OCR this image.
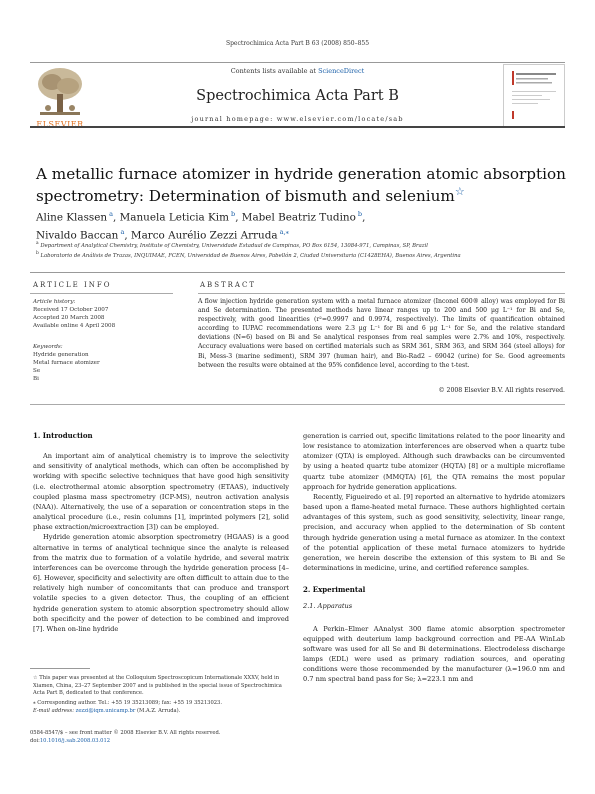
Spectrochimica Acta Part B 63 (2008) 850–855
ELSEVIER
Contents lists available at ScienceDirect
Spectrochimica Acta Part B
journal homepage: www.elsevier.com/locate/sab
A metallic furnace atomizer in hydride generation atomic absorption spectrometry: Determination of bismuth and selenium☆
Aline Klassen $^a$, Manuela Leticia Kim $^b$, Mabel Beatriz Tudino $^b$,
Nivaldo Baccan $^a$, Marco Aurélio Zezzi Arruda $^{a,⁎}$
$^a$ Department of Analytical Chemistry, Institute of Chemistry, Universidade Estadual de Campinas, PO Box 6154, 13084-971, Campinas, SP, Brazil
$^b$ Laboratorio de Análisis de Trazas, INQUIMAE, FCEN, Universidad de Buenos Aires, Pabellón 2, Ciudad Universitaria (C1428EHA), Buenos Aires, Argentina
ARTICLE INFO
Article history:
Received 17 October 2007
Accepted 20 March 2008
Available online 4 April 2008
Keywords:
Hydride generation
Metal furnace atomizer
Se
Bi
ABSTRACT
A flow injection hydride generation system with a metal furnace atomizer (Inconel 600® alloy) was employed for Bi and Se determination. The presented methods have linear ranges up to 200 and 500 µg L⁻¹ for Bi and Se, respectively, with good linearities (r²=0.9997 and 0.9974, respectively). The limits of quantification obtained according to IUPAC recommendations were 2.3 µg L⁻¹ for Bi and 6 µg L⁻¹ for Se, and the relative standard deviations (N=6) based on Bi and Se analytical responses from real samples were 2.7% and 10%, respectively. Accuracy evaluations were based on certified materials such as SRM 361, SRM 363, and SRM 364 (steel alloys) for Bi, Mess-3 (marine sediment), SRM 397 (human hair), and Bio-Rad2 – 69042 (urine) for Se. Good agreements between the results were obtained at the 95% confidence level, according to the t-test.
© 2008 Elsevier B.V. All rights reserved.
1. Introduction

An important aim of analytical chemistry is to improve the selectivity and sensitivity of analytical methods, which can often be accomplished by working with specific selective techniques that have good high sensitivity (i.e. electrothermal atomic absorption spectrometry (ETAAS), inductively coupled plasma mass spectrometry (ICP-MS), neutron activation analysis (NAA)). Alternatively, the use of a separation or concentration steps in the analytical procedure (i.e., resin columns [1], imprinted polymers [2], solid phase extraction/microextraction [3]) can be employed.

Hydride generation atomic absorption spectrometry (HGAAS) is a good alternative in terms of analytical technique since the analyte is released from the matrix due to formation of a volatile hydride, and several matrix interferences can be overcome through the hydride generation process [4–6]. However, specificity and selectivity are often difficult to attain due to the relatively high number of concomitants that can produce and transport volatile species to a given detector. Thus, the coupling of an efficient hydride generation system to atomic absorption spectrometry should allow both specificity and the power of detection to be combined and improved [7]. When on-line hydride

generation is carried out, specific limitations related to the poor linearity and low resistance to atomization interferences are observed when a quartz tube atomizer (QTA) is employed. Although such drawbacks can be circumvented by using a heated quartz tube atomizer (HQTA) [8] or a multiple microflame quartz tube atomizer (MMQTA) [6], the QTA remains the most popular approach for hydride generation applications.

Recently, Figueiredo et al. [9] reported an alternative to hydride atomizers based upon a flame-heated metal furnace. These authors highlighted certain advantages of this system, such as good sensitivity, selectivity, linear range, precision, and accuracy when applied to the determination of Sb content through hydride generation using a metal furnace as atomizer. In the context of the potential application of these metal furnace atomizers to hydride generation, we herein describe the extension of this system to Bi and Se determinations in medicine, urine, and certified reference samples.

2. Experimental
2.1. Apparatus

A Perkin–Elmer AAnalyst 300 flame atomic absorption spectrometer equipped with deuterium lamp background correction and PE-AA WinLab software was used for all Se and Bi determinations. Electrodeless discharge lamps (EDL) were used as primary radiation sources, and operating conditions were those recommended by the manufacturer (λ=196.0 nm and 0.7 nm spectral band pass for Se; λ=223.1 nm and

☆ This paper was presented at the Colloquium Spectroscopicum Internationale XXXV, held in Xiamen, China, 23–27 September 2007 and is published in the special issue of Spectrochimica Acta Part B, dedicated to that conference.
⁎ Corresponding author. Tel.: +55 19 35213089; fax: +55 19 35213023.
E-mail address: zezzi@iqm.unicamp.br (M.A.Z. Arruda).
0584-8547/$ – see front matter © 2008 Elsevier B.V. All rights reserved.
doi:10.1016/j.sab.2008.03.012
